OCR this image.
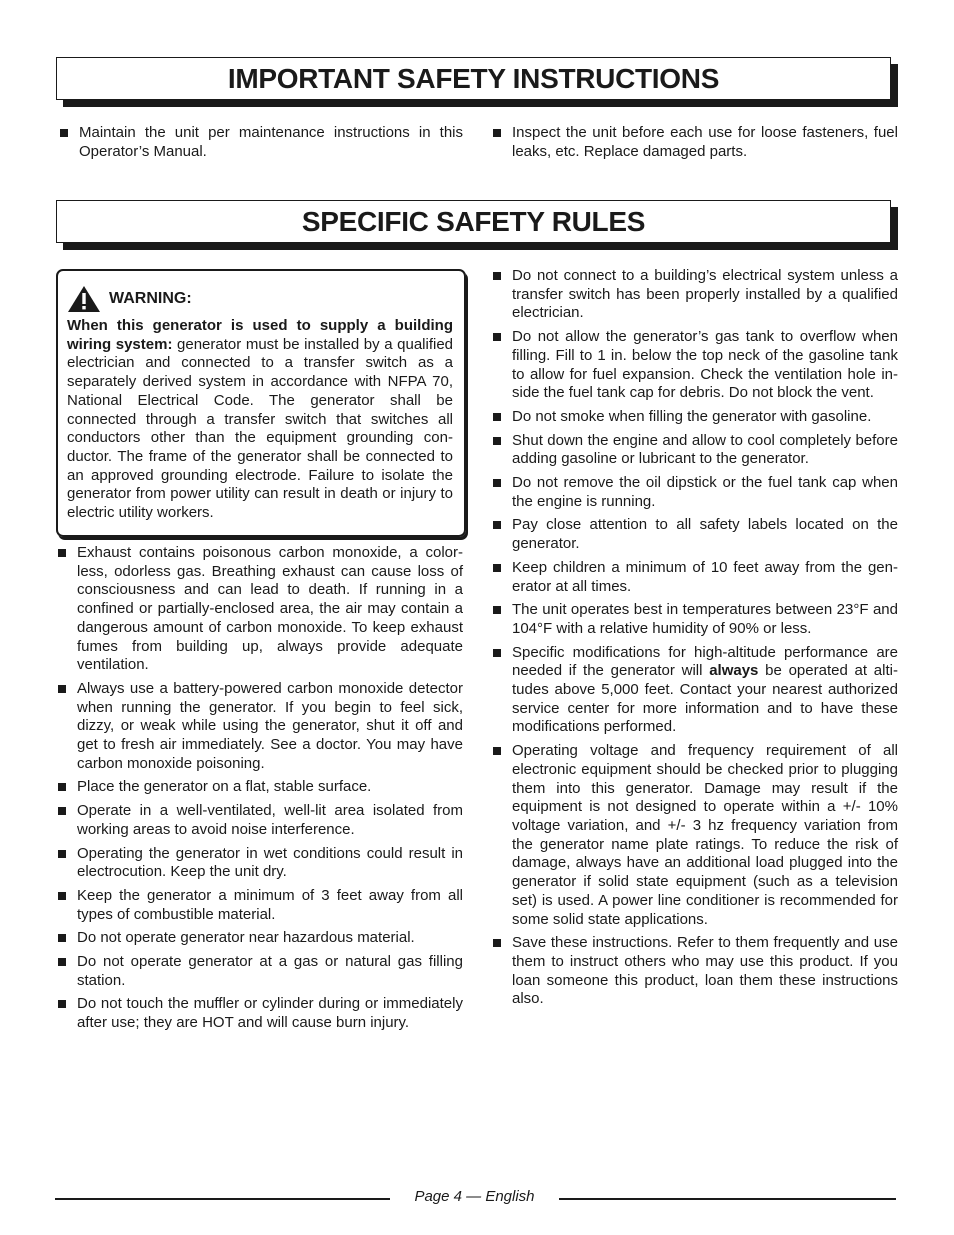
IMPORTANT SAFETY INSTRUCTIONS
Maintain the unit per maintenance instructions in this Operator’s Manual.
Inspect the unit before each use for loose fasteners, fuel leaks, etc. Replace damaged parts.
SPECIFIC SAFETY RULES
WARNING:
When this generator is used to supply a building wiring system: generator must be installed by a qualified electrician and connected to a transfer switch as a separately derived system in accordance with NFPA 70, National Electrical Code. The generator shall be connected through a transfer switch that switches all conductors other than the equipment grounding conductor. The frame of the generator shall be connected to an approved grounding electrode. Failure to isolate the generator from power utility can result in death or injury to electric utility workers.
Exhaust contains poisonous carbon monoxide, a colorless, odorless gas. Breathing exhaust can cause loss of consciousness and can lead to death. If running in a confined or partially-enclosed area, the air may contain a dangerous amount of carbon monoxide. To keep exhaust fumes from building up, always provide adequate ventilation.
Always use a battery-powered carbon monoxide detector when running the generator. If you begin to feel sick, dizzy, or weak while using the generator, shut it off and get to fresh air immediately. See a doctor. You may have carbon monoxide poisoning.
Place the generator on a flat, stable surface.
Operate in a well-ventilated, well-lit area isolated from working areas to avoid noise interference.
Operating the generator in wet conditions could result in electrocution. Keep the unit dry.
Keep the generator a minimum of 3 feet away from all types of combustible material.
Do not operate generator near hazardous material.
Do not operate generator at a gas or natural gas filling station.
Do not touch the muffler or cylinder during or immediately after use; they are HOT and will cause burn injury.
Do not connect to a building’s electrical system unless a transfer switch has been properly installed by a qualified electrician.
Do not allow the generator’s gas tank to overflow when filling. Fill to 1 in. below the top neck of the gasoline tank to allow for fuel expansion. Check the ventilation hole inside the fuel tank cap for debris. Do not block the vent.
Do not smoke when filling the generator with gasoline.
Shut down the engine and allow to cool completely before adding gasoline or lubricant to the generator.
Do not remove the oil dipstick or the fuel tank cap when the engine is running.
Pay close attention to all safety labels located on the generator.
Keep children a minimum of 10 feet away from the generator at all times.
The unit operates best in temperatures between 23°F and 104°F with a relative humidity of 90% or less.
Specific modifications for high-altitude performance are needed if the generator will always be operated at altitudes above 5,000 feet. Contact your nearest authorized service center for more information and to have these modifications performed.
Operating voltage and frequency requirement of all electronic equipment should be checked prior to plugging them into this generator. Damage may result if the equipment is not designed to operate within a +/- 10% voltage variation, and +/- 3 hz frequency variation from the generator name plate ratings. To reduce the risk of damage, always have an additional load plugged into the generator if solid state equipment (such as a television set) is used. A power line conditioner is recommended for some solid state applications.
Save these instructions. Refer to them frequently and use them to instruct others who may use this product. If you loan someone this product, loan them these instructions also.
Page 4 — English
